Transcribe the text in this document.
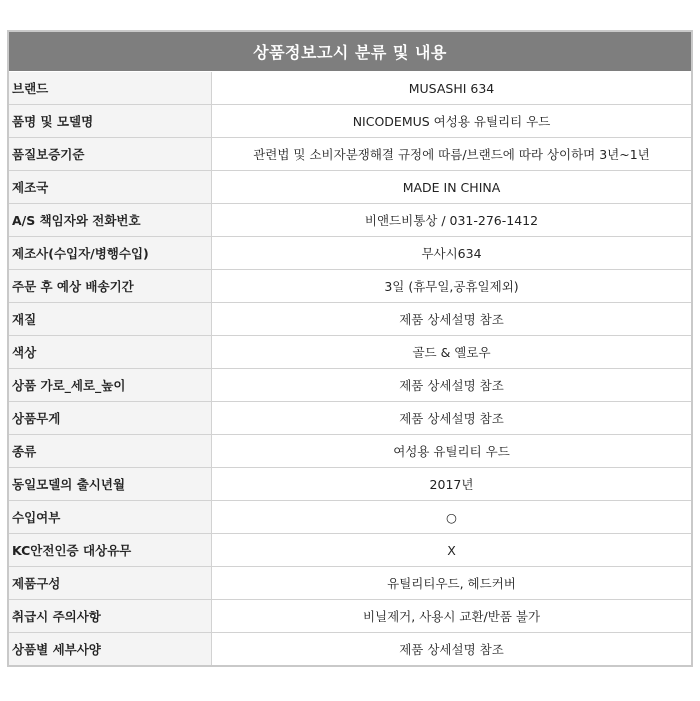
상품정보고시 분류 및 내용
브랜드	MUSASHI 634
품명 및 모델명	NICODEMUS 여성용 유틸리티 우드
품질보증기준	관련법 및 소비자분쟁해결 규정에 따름/브랜드에 따라 상이하며 3년~1년
제조국	MADE IN CHINA
A/S 책임자와 전화번호	비앤드비통상 / 031-276-1412
제조사(수입자/병행수입)	무사시634
주문 후 예상 배송기간	3일 (휴무일,공휴일제외)
재질	제품 상세설명 참조
색상	골드 & 옐로우
상품 가로_세로_높이	제품 상세설명 참조
상품무게	제품 상세설명 참조
종류	여성용 유틸리티 우드
동일모델의 출시년월	2017년
수입여부	○
KC안전인증 대상유무	X
제품구성	유틸리티우드, 헤드커버
취급시 주의사항	비닐제거, 사용시 교환/반품 불가
상품별 세부사양	제품 상세설명 참조
